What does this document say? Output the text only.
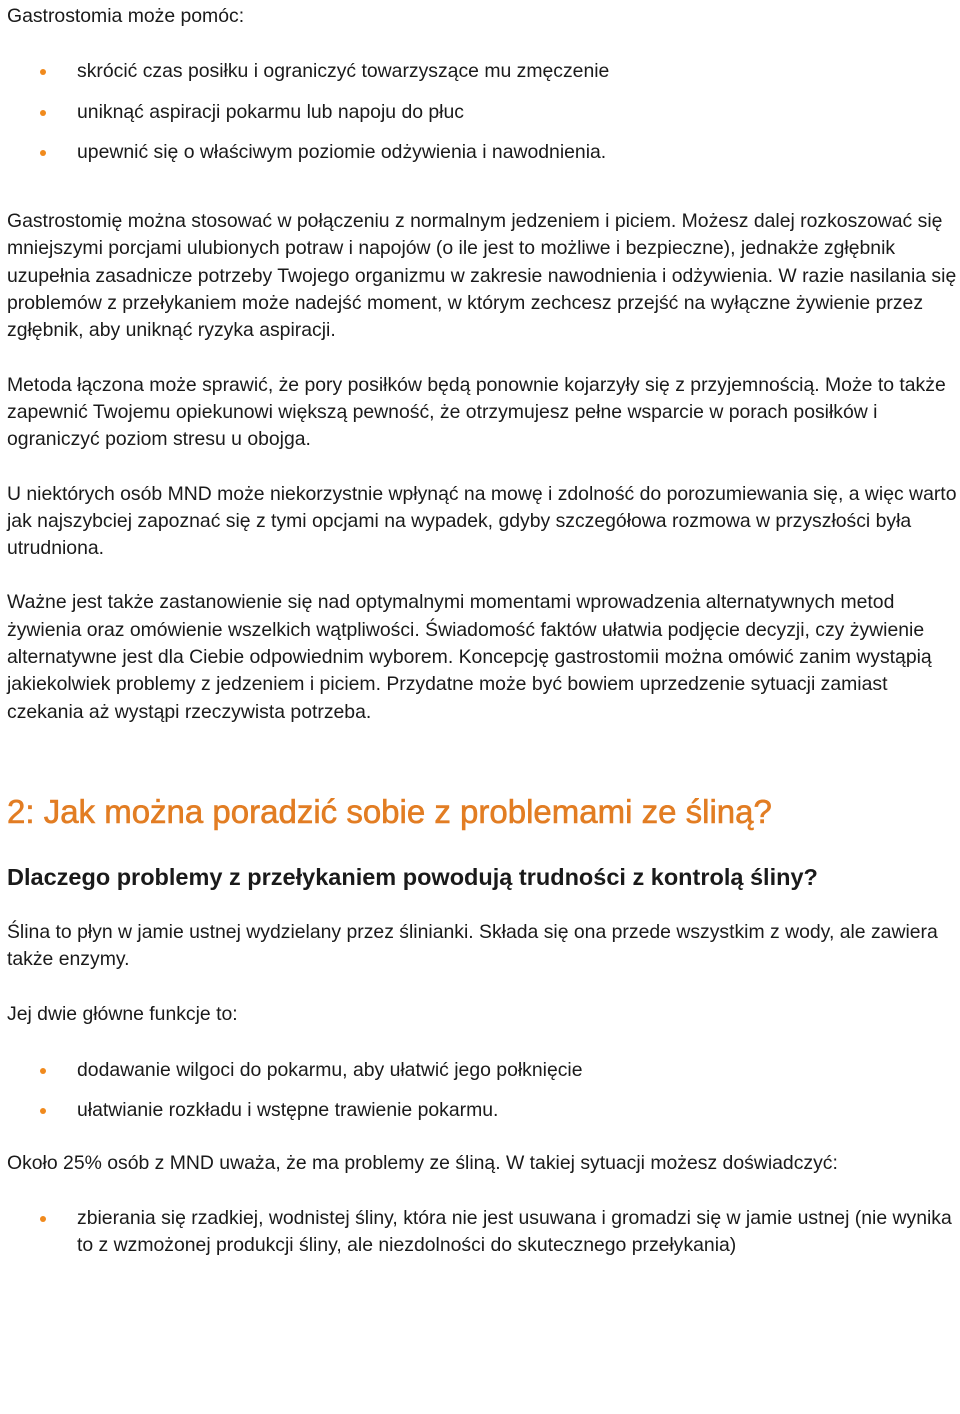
Gastrostomia może pomóc:

skrócić czas posiłku i ograniczyć towarzyszące mu zmęczenie
uniknąć aspiracji pokarmu lub napoju do płuc
upewnić się o właściwym poziomie odżywienia i nawodnienia.

Gastrostomię można stosować w połączeniu z normalnym jedzeniem i piciem. Możesz dalej rozkoszować się mniejszymi porcjami ulubionych potraw i napojów (o ile jest to możliwe i bezpieczne), jednakże zgłębnik uzupełnia zasadnicze potrzeby Twojego organizmu w zakresie nawodnienia i odżywienia. W razie nasilania się problemów z przełykaniem może nadejść moment, w którym zechcesz przejść na wyłączne żywienie przez zgłębnik, aby uniknąć ryzyka aspiracji.

Metoda łączona może sprawić, że pory posiłków będą ponownie kojarzyły się z przyjemnością. Może to także zapewnić Twojemu opiekunowi większą pewność, że otrzymujesz pełne wsparcie w porach posiłków i ograniczyć poziom stresu u obojga.

U niektórych osób MND może niekorzystnie wpłynąć na mowę i zdolność do porozumiewania się, a więc warto jak najszybciej zapoznać się z tymi opcjami na wypadek, gdyby szczegółowa rozmowa w przyszłości była utrudniona.

Ważne jest także zastanowienie się nad optymalnymi momentami wprowadzenia alternatywnych metod żywienia oraz omówienie wszelkich wątpliwości. Świadomość faktów ułatwia podjęcie decyzji, czy żywienie alternatywne jest dla Ciebie odpowiednim wyborem. Koncepcję gastrostomii można omówić zanim wystąpią jakiekolwiek problemy z jedzeniem i piciem. Przydatne może być bowiem uprzedzenie sytuacji zamiast czekania aż wystąpi rzeczywista potrzeba.

2: Jak można poradzić sobie z problemami ze śliną?
Dlaczego problemy z przełykaniem powodują trudności z kontrolą śliny?

Ślina to płyn w jamie ustnej wydzielany przez ślinianki. Składa się ona przede wszystkim z wody, ale zawiera także enzymy.

Jej dwie główne funkcje to:

dodawanie wilgoci do pokarmu, aby ułatwić jego połknięcie
ułatwianie rozkładu i wstępne trawienie pokarmu.

Około 25% osób z MND uważa, że ma problemy ze śliną. W takiej sytuacji możesz doświadczyć:

zbierania się rzadkiej, wodnistej śliny, która nie jest usuwana i gromadzi się w jamie ustnej (nie wynika to z wzmożonej produkcji śliny, ale niezdolności do skutecznego przełykania)
